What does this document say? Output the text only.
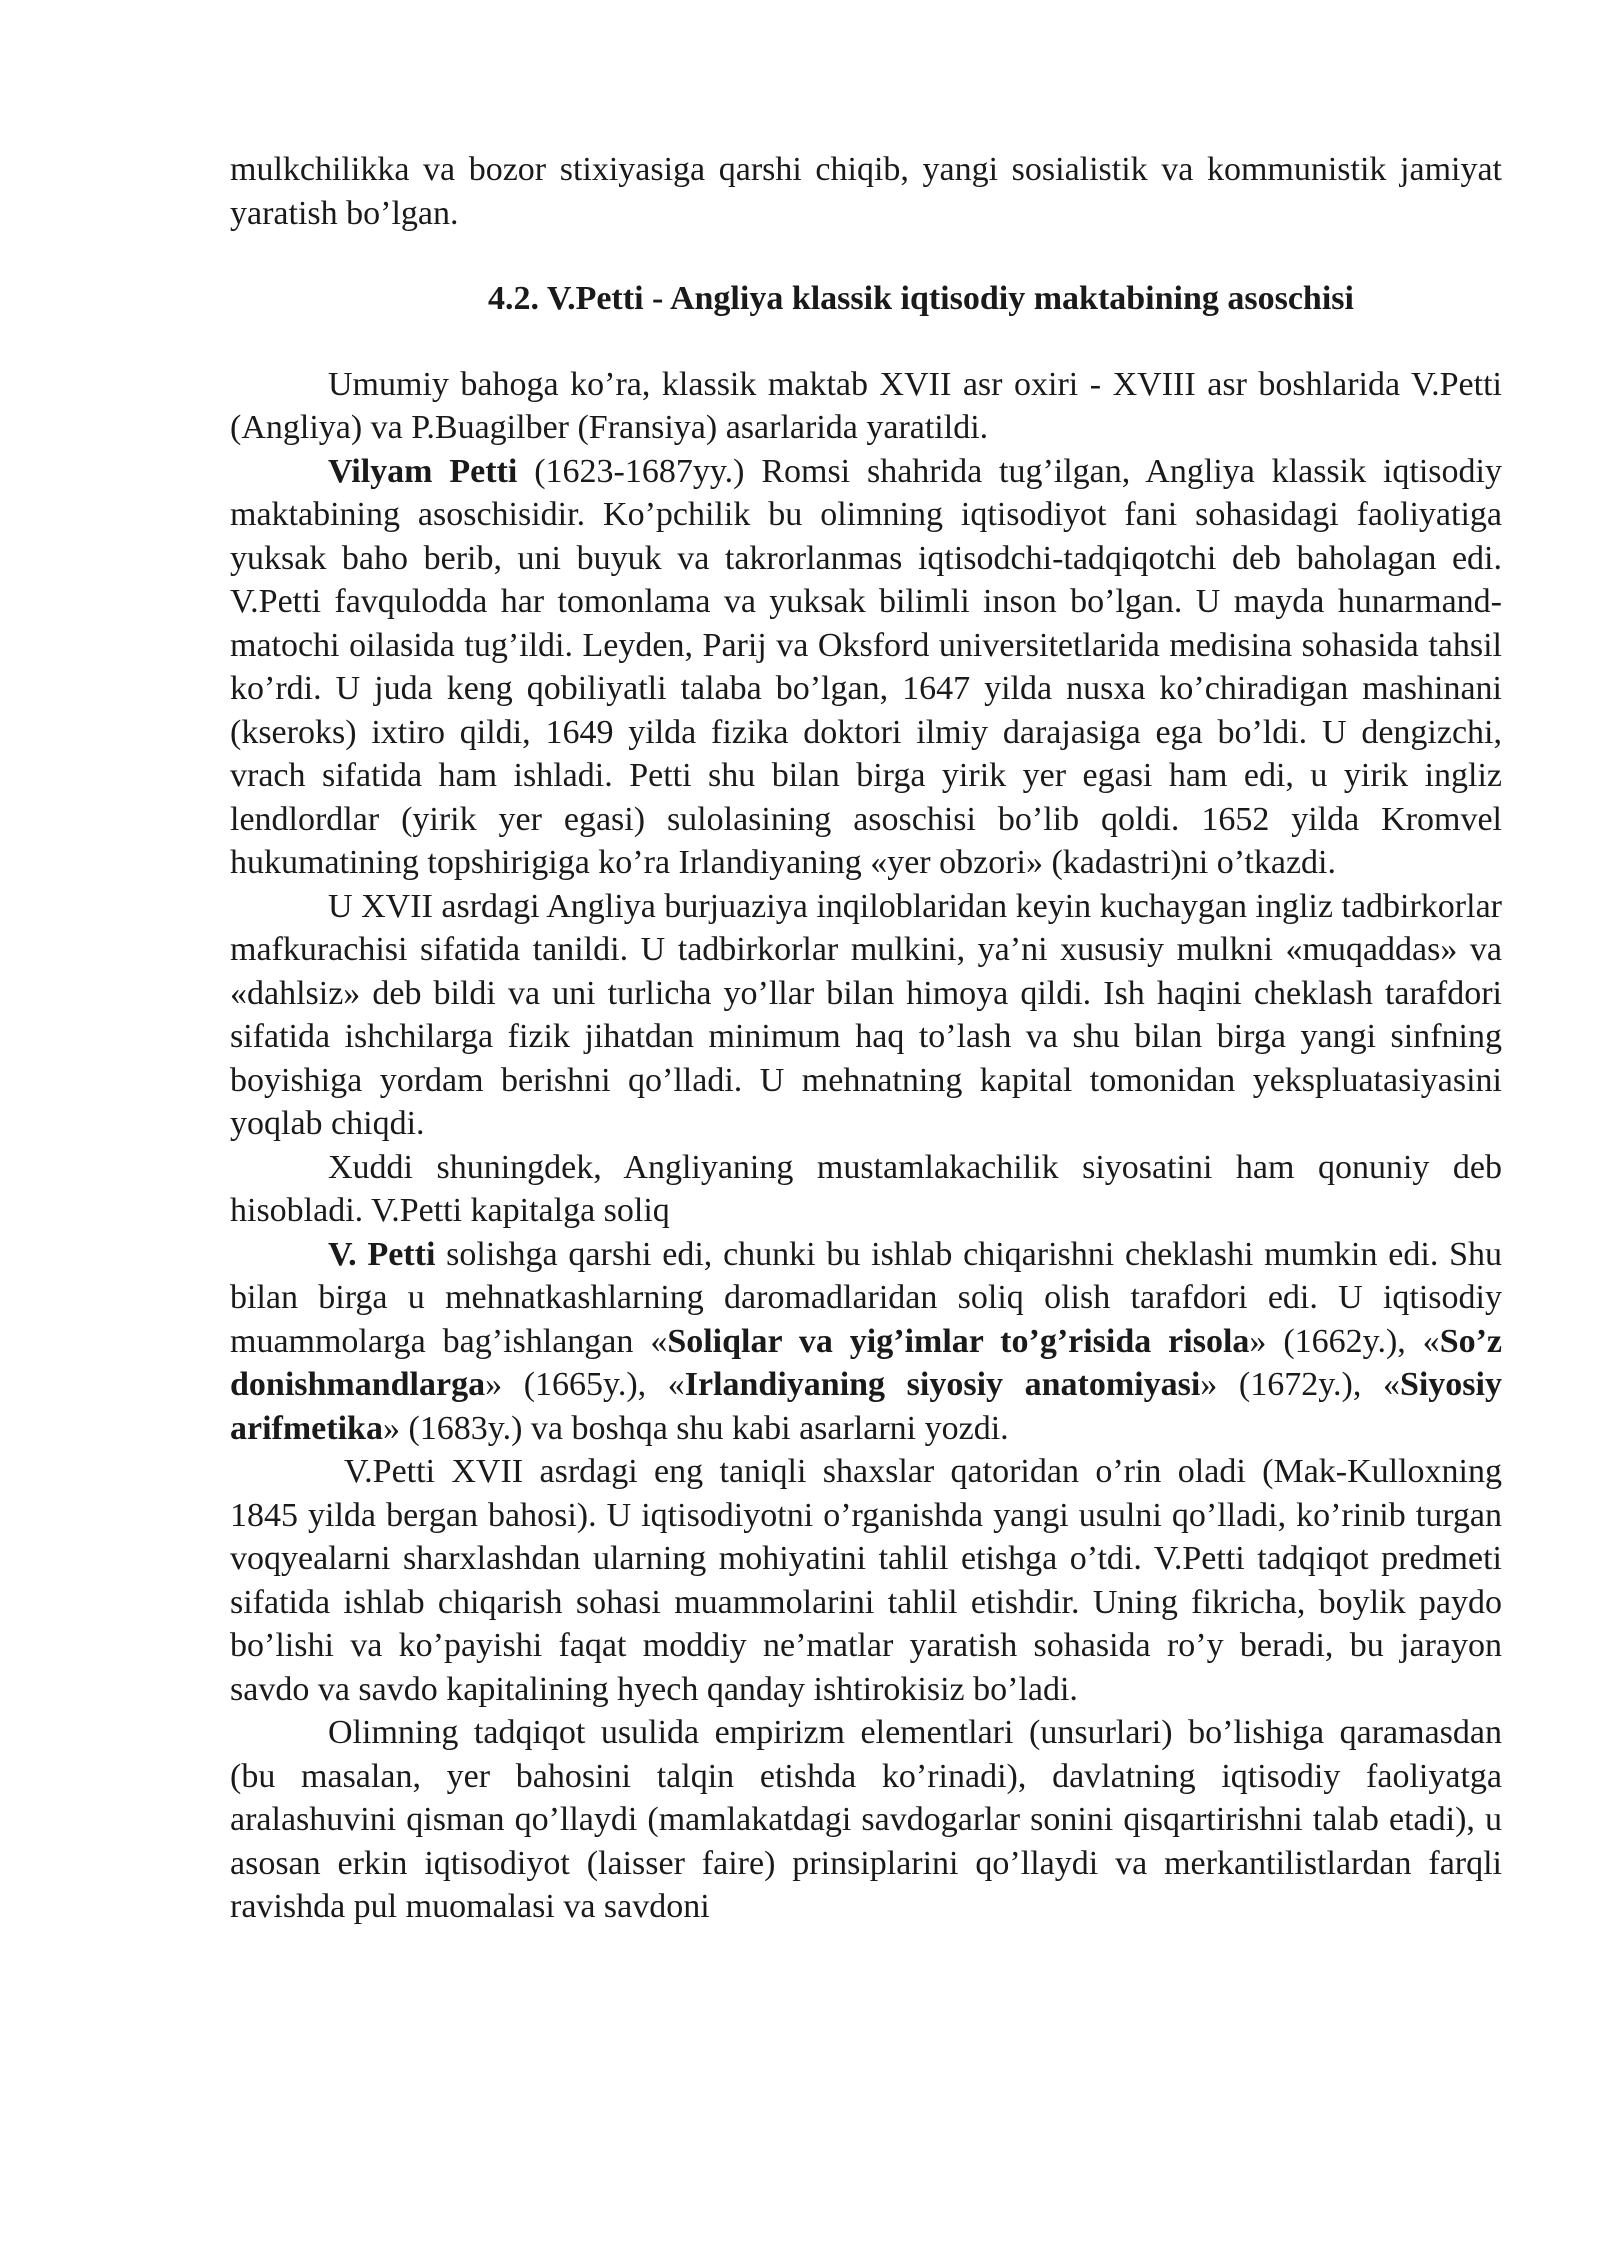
mulkchilikka va bozor stixiyasiga qarshi chiqib, yangi sosialistik va kommunistik jamiyat yaratish bo’lgan.

4.2. V.Petti - Angliya klassik iqtisodiy maktabining asoschisi

Umumiy bahoga ko’ra, klassik maktab XVII asr oxiri - XVIII asr boshlarida V.Petti (Angliya) va P.Buagilber (Fransiya) asarlarida yaratildi.

Vilyam Petti (1623-1687yy.) Romsi shahrida tug’ilgan, Angliya klassik iqtisodiy maktabining asoschisidir. Ko’pchilik bu olimning iqtisodiyot fani sohasidagi faoliyatiga yuksak baho berib, uni buyuk va takrorlanmas iqtisodchi-tadqiqotchi deb baholagan edi. V.Petti favqulodda har tomonlama va yuksak bilimli inson bo’lgan. U mayda hunarmand-matochi oilasida tug’ildi. Leyden, Parij va Oksford universitetlarida medisina sohasida tahsil ko’rdi. U juda keng qobiliyatli talaba bo’lgan, 1647 yilda nusxa ko’chiradigan mashinani (kseroks) ixtiro qildi, 1649 yilda fizika doktori ilmiy darajasiga ega bo’ldi. U dengizchi, vrach sifatida ham ishladi. Petti shu bilan birga yirik yer egasi ham edi, u yirik ingliz lendlordlar (yirik yer egasi) sulolasining asoschisi bo’lib qoldi. 1652 yilda Kromvel hukumatining topshirigiga ko’ra Irlandiyaning «yer obzori» (kadastri)ni o’tkazdi.

U XVII asrdagi Angliya burjuaziya inqiloblaridan keyin kuchaygan ingliz tadbirkorlar mafkurachisi sifatida tanildi. U tadbirkorlar mulkini, ya’ni xususiy mulkni «muqaddas» va «dahlsiz» deb bildi va uni turlicha yo’llar bilan himoya qildi. Ish haqini cheklash tarafdori sifatida ishchilarga fizik jihatdan minimum haq to’lash va shu bilan birga yangi sinfning boyishiga yordam berishni qo’lladi. U mehnatning kapital tomonidan yekspluatasiyasini yoqlab chiqdi.

Xuddi shuningdek, Angliyaning mustamlakachilik siyosatini ham qonuniy deb hisobladi. V.Petti kapitalga soliq

V. Petti solishga qarshi edi, chunki bu ishlab chiqarishni cheklashi mumkin edi. Shu bilan birga u mehnatkashlarning daromadlaridan soliq olish tarafdori edi. U iqtisodiy muammolarga bag’ishlangan «Soliqlar va yig’imlar to’g’risida risola» (1662y.), «So’z donishmandlarga» (1665y.), «Irlandiyaning siyosiy anatomiyasi» (1672y.), «Siyosiy arifmetika» (1683y.) va boshqa shu kabi asarlarni yozdi.

V.Petti XVII asrdagi eng taniqli shaxslar qatoridan o’rin oladi (Mak-Kulloxning 1845 yilda bergan bahosi). U iqtisodiyotni o’rganishda yangi usulni qo’lladi, ko’rinib turgan voqyealarni sharxlashdan ularning mohiyatini tahlil etishga o’tdi. V.Petti tadqiqot predmeti sifatida ishlab chiqarish sohasi muammolarini tahlil etishdir. Uning fikricha, boylik paydo bo’lishi va ko’payishi faqat moddiy ne’matlar yaratish sohasida ro’y beradi, bu jarayon savdo va savdo kapitalining hyech qanday ishtirokisiz bo’ladi.

Olimning tadqiqot usulida empirizm elementlari (unsurlari) bo’lishiga qaramasdan (bu masalan, yer bahosini talqin etishda ko’rinadi), davlatning iqtisodiy faoliyatga aralashuvini qisman qo’llaydi (mamlakatdagi savdogarlar sonini qisqartirishni talab etadi), u asosan erkin iqtisodiyot (laisser faire) prinsiplarini qo’llaydi va merkantilistlardan farqli ravishda pul muomalasi va savdoni
